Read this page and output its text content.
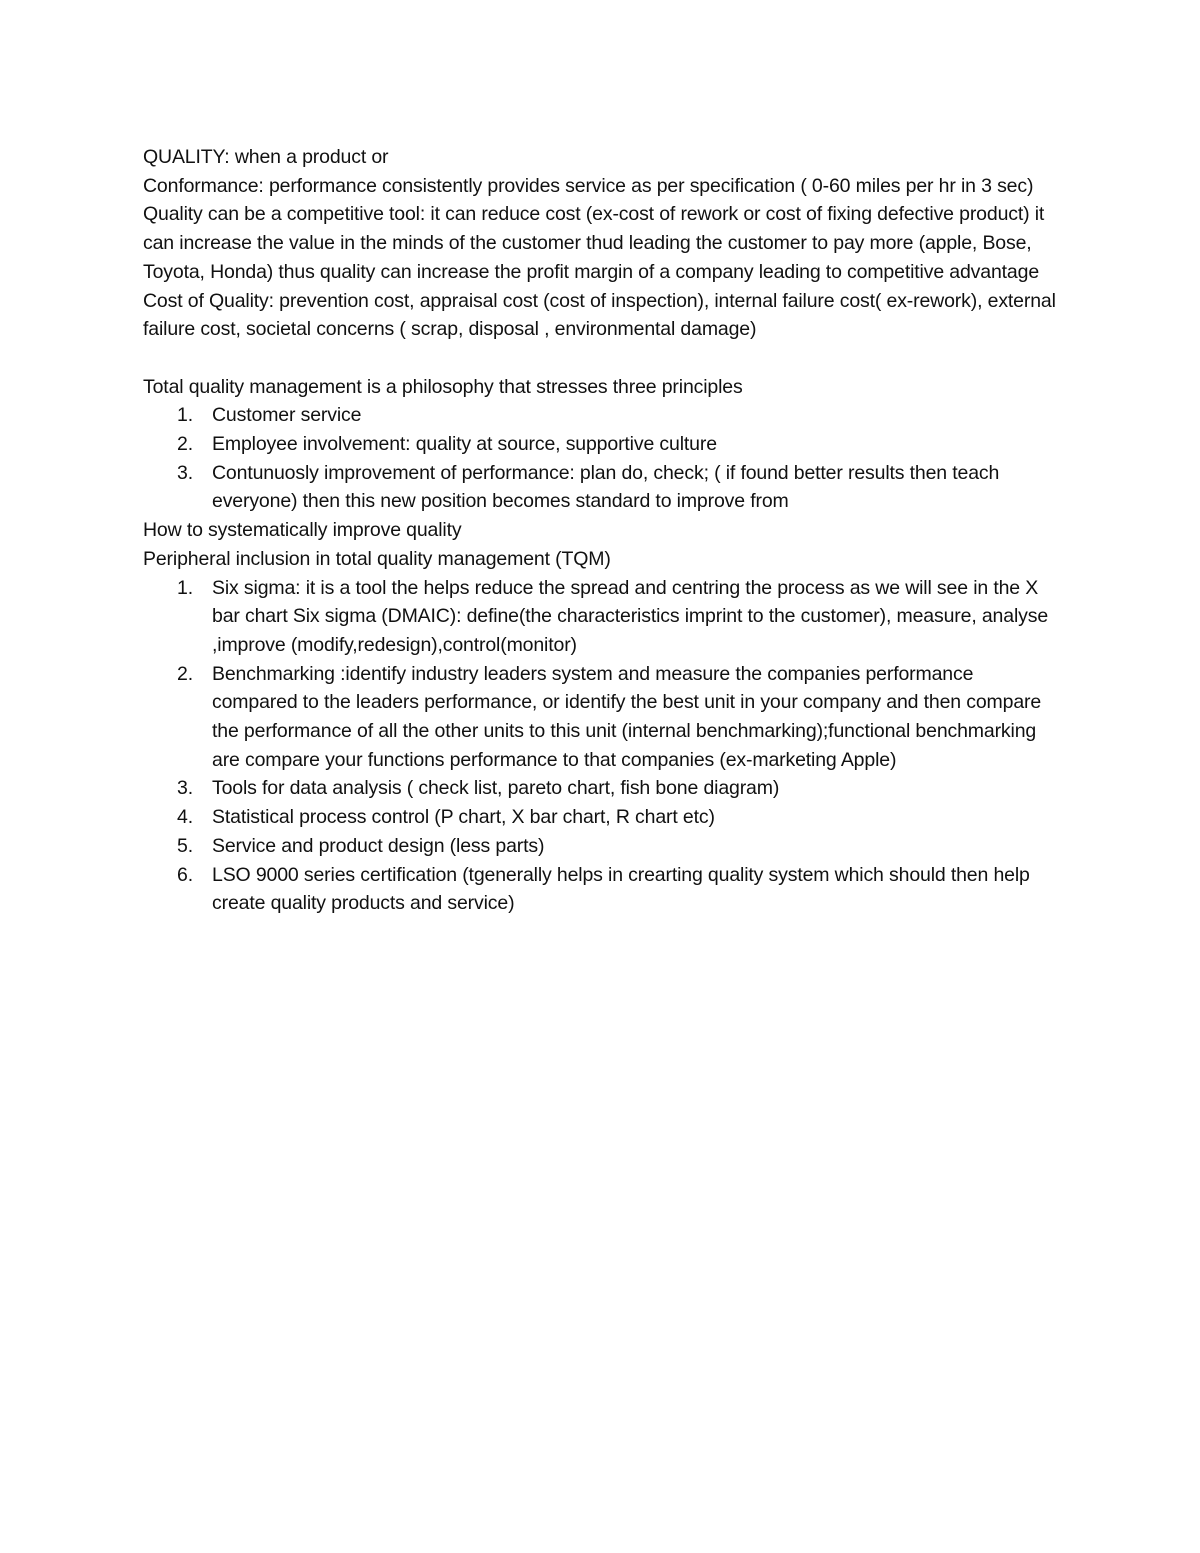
QUALITY: when a product or

Conformance: performance consistently provides service as per specification ( 0-60 miles per hr in 3 sec)

Quality can be a competitive tool: it can reduce cost (ex-cost of rework or cost of fixing defective product) it can increase the value in the minds of the customer thud leading the customer to pay more (apple, Bose, Toyota, Honda) thus quality can increase the profit margin of a company leading to competitive advantage

Cost of Quality: prevention cost, appraisal cost (cost of inspection), internal failure cost( ex-rework), external failure cost, societal concerns ( scrap, disposal , environmental damage)

Total quality management is a philosophy that stresses three principles

1. Customer service
2. Employee involvement: quality at source, supportive culture
3. Contunuosly improvement of performance: plan do, check; ( if found better results then teach everyone) then this new position becomes standard to improve from

How to systematically improve quality

Peripheral inclusion in total quality management (TQM)

1. Six sigma: it is a tool the helps reduce the spread and centring the process as we will see in the X bar chart Six sigma (DMAIC): define(the characteristics imprint to the customer), measure, analyse ,improve (modify,redesign),control(monitor)
2. Benchmarking :identify industry leaders system and measure the companies performance compared to the leaders performance, or identify the best unit in your company and then compare the performance of all the other units to this unit (internal benchmarking);functional benchmarking are compare your functions performance to that companies (ex-marketing Apple)
3. Tools for data analysis ( check list, pareto chart, fish bone diagram)
4. Statistical process control (P chart, X bar chart, R chart etc)
5. Service and product design (less parts)
6. LSO 9000 series certification (tgenerally helps in crearting quality system which should then help create quality products and service)
